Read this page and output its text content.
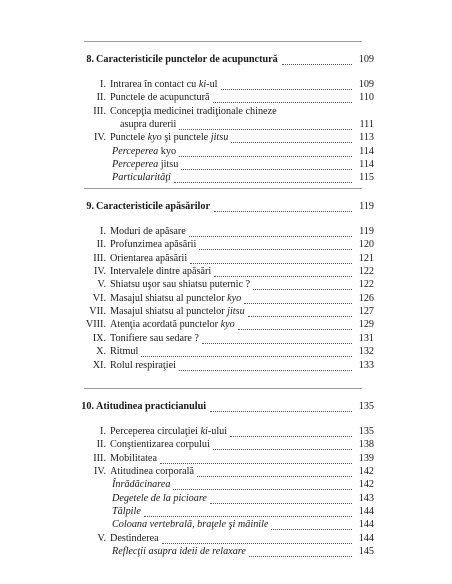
8. Caracteristicile punctelor de acupunctură	109
I. Intrarea în contact cu ki-ul	109
II. Punctele de acupunctură	110
III. Concepţia medicinei tradiţionale chineze
asupra durerii	111
IV. Punctele kyo şi punctele jitsu	113
Perceperea kyo	114
Perceperea jitsu	114
Particularităţi	115
9. Caracteristicile apăsărilor	119
I. Moduri de apăsare	119
II. Profunzimea apăsării	120
III. Orientarea apăsării	121
IV. Intervalele dintre apăsări	122
V. Shiatsu uşor sau shiatsu puternic ?	122
VI. Masajul shiatsu al punctelor kyo	126
VII. Masajul shiatsu al punctelor jitsu	127
VIII. Atenţia acordată punctelor kyo	129
IX. Tonifiere sau sedare ?	131
X. Ritmul	132
XI. Rolul respiraţiei	133
10. Atitudinea practicianului	135
I. Perceperea circulaţiei ki-ului	135
II. Conştientizarea corpului	138
III. Mobilitatea	139
IV. Atitudinea corporală	142
Înrădăcinarea	142
Degetele de la picioare	143
Tălpile	144
Coloana vertebrală, braţele şi mâinile	144
V. Destinderea	144
Reflecţii asupra ideii de relaxare	145
